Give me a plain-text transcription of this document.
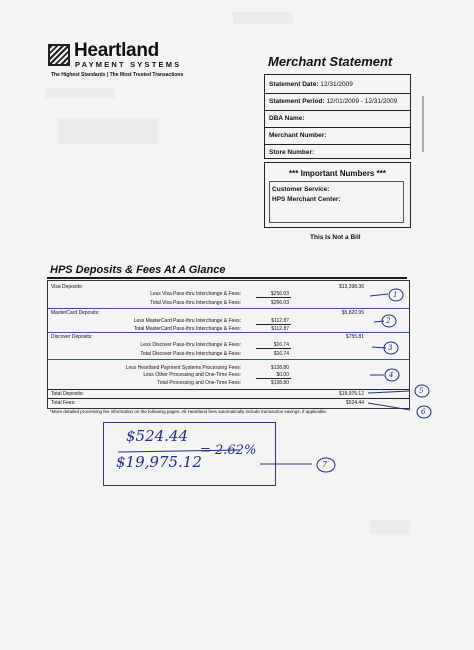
Heartland
PAYMENT SYSTEMS
The Highest Standards | The Most Trusted Transactions
Merchant Statement
Statement Date: 12/31/2009
Statement Period: 12/01/2009 - 12/31/2009
DBA Name:
Merchant Number:
Store Number:
*** Important Numbers ***
Customer Service:
HPS Merchant Center:
This Is Not a Bill
HPS Deposits & Fees At A Glance
Visa Deposits:	$13,398.36
Less Visa Pass-thru Interchange & Fees:	$256.03
Total Visa Pass-thru Interchange & Fees:	$256.03
MasterCard Deposits:	$5,820.95
Less MasterCard Pass-thru Interchange & Fees:	$112.87
Total MasterCard Pass-thru Interchange & Fees:	$112.87
Discover Deposits:	$755.81
Less Discover Pass-thru Interchange & Fees:	$16.74
Total Discover Pass-thru Interchange & Fees:	$16.74
Less Heartland Payment Systems Processing Fees:	$138.80
Less Other Processing and One-Time Fees:	$0.00
Total Processing and One-Time Fees:	$138.80
Total Deposits:	$19,975.12
Total Fees:	$524.44
*More detailed processing fee information on the following pages. All Heartland fees automatically include transaction savings, if applicable.
1
2
3
4
5
6
7
$524.44
$19,975.12
= 2.62%
